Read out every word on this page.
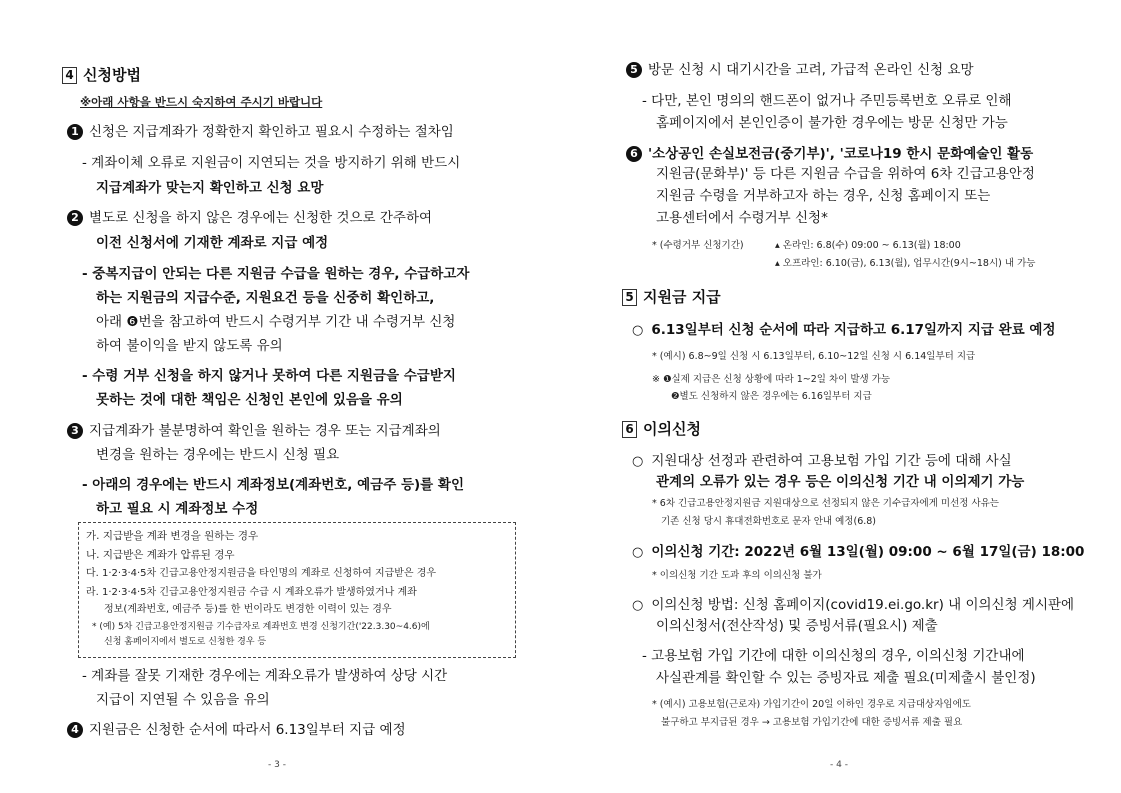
4 신청방법
※아래 사항을 반드시 숙지하여 주시기 바랍니다
1 신청은 지급계좌가 정확한지 확인하고 필요시 수정하는 절차임
- 계좌이체 오류로 지원금이 지연되는 것을 방지하기 위해 반드시
지급계좌가 맞는지 확인하고 신청 요망
2 별도로 신청을 하지 않은 경우에는 신청한 것으로 간주하여
이전 신청서에 기재한 계좌로 지급 예정
- 중복지급이 안되는 다른 지원금 수급을 원하는 경우, 수급하고자
하는 지원금의 지급수준, 지원요건 등을 신중히 확인하고,
아래 ❻번을 참고하여 반드시 수령거부 기간 내 수령거부 신청
하여 불이익을 받지 않도록 유의
- 수령 거부 신청을 하지 않거나 못하여 다른 지원금을 수급받지
못하는 것에 대한 책임은 신청인 본인에 있음을 유의
3 지급계좌가 불분명하여 확인을 원하는 경우 또는 지급계좌의
변경을 원하는 경우에는 반드시 신청 필요
- 아래의 경우에는 반드시 계좌정보(계좌번호, 예금주 등)를 확인
하고 필요 시 계좌정보 수정
가. 지급받을 계좌 변경을 원하는 경우
나. 지급받은 계좌가 압류된 경우
다. 1·2·3·4·5차 긴급고용안정지원금을 타인명의 계좌로 신청하여 지급받은 경우
라. 1·2·3·4·5차 긴급고용안정지원금 수급 시 계좌오류가 발생하였거나 계좌
정보(계좌번호, 예금주 등)를 한 번이라도 변경한 이력이 있는 경우
* (예) 5차 긴급고용안정지원금 기수급자로 계좌번호 변경 신청기간('22.3.30~4.6)에
신청 홈페이지에서 별도로 신청한 경우 등
- 계좌를 잘못 기재한 경우에는 계좌오류가 발생하여 상당 시간
지급이 지연될 수 있음을 유의
4 지원금은 신청한 순서에 따라서 6.13일부터 지급 예정
- 3 -
5 방문 신청 시 대기시간을 고려, 가급적 온라인 신청 요망
- 다만, 본인 명의의 핸드폰이 없거나 주민등록번호 오류로 인해
홈페이지에서 본인인증이 불가한 경우에는 방문 신청만 가능
6 '소상공인 손실보전금(중기부)', '코로나19 한시 문화예술인 활동
지원금(문화부)' 등 다른 지원금 수급을 위하여 6차 긴급고용안정
지원금 수령을 거부하고자 하는 경우, 신청 홈페이지 또는
고용센터에서 수령거부 신청*
* (수령거부 신청기간)	▴ 온라인: 6.8(수) 09:00 ~ 6.13(월) 18:00
▴ 오프라인: 6.10(금), 6.13(월), 업무시간(9시~18시) 내 가능
5 지원금 지급
○ 6.13일부터 신청 순서에 따라 지급하고 6.17일까지 지급 완료 예정
* (예시) 6.8~9일 신청 시 6.13일부터, 6.10~12일 신청 시 6.14일부터 지급
※ ❶실제 지급은 신청 상황에 따라 1~2일 차이 발생 가능
❷별도 신청하지 않은 경우에는 6.16일부터 지급
6 이의신청
○ 지원대상 선정과 관련하여 고용보험 가입 기간 등에 대해 사실
관계의 오류가 있는 경우 등은 이의신청 기간 내 이의제기 가능
* 6차 긴급고용안정지원금 지원대상으로 선정되지 않은 기수급자에게 미선정 사유는
기존 신청 당시 휴대전화번호로 문자 안내 예정(6.8)
○ 이의신청 기간: 2022년 6월 13일(월) 09:00 ~ 6월 17일(금) 18:00
* 이의신청 기간 도과 후의 이의신청 불가
○ 이의신청 방법: 신청 홈페이지(covid19.ei.go.kr) 내 이의신청 게시판에
이의신청서(전산작성) 및 증빙서류(필요시) 제출
- 고용보험 가입 기간에 대한 이의신청의 경우, 이의신청 기간내에
사실관계를 확인할 수 있는 증빙자료 제출 필요(미제출시 불인정)
* (예시) 고용보험(근로자) 가입기간이 20일 이하인 경우로 지급대상자임에도
불구하고 부지급된 경우 → 고용보험 가입기간에 대한 증빙서류 제출 필요
- 4 -
